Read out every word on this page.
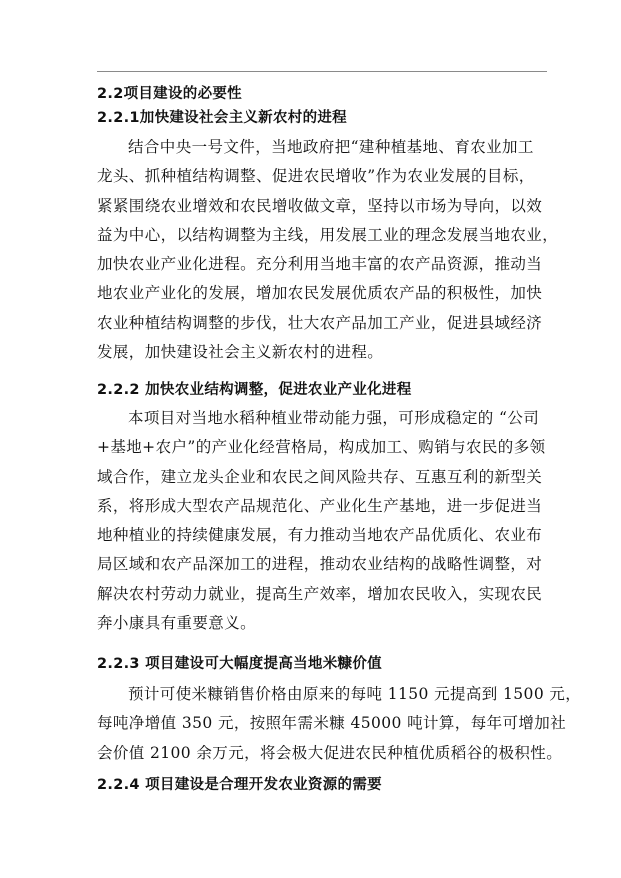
2.2项目建设的必要性
2.2.1加快建设社会主义新农村的进程
结合中央一号文件，当地政府把“建种植基地、育农业加工
龙头、抓种植结构调整、促进农民增收”作为农业发展的目标，
紧紧围绕农业增效和农民增收做文章，坚持以市场为导向，以效
益为中心，以结构调整为主线，用发展工业的理念发展当地农业，
加快农业产业化进程。充分利用当地丰富的农产品资源，推动当
地农业产业化的发展，增加农民发展优质农产品的积极性，加快
农业种植结构调整的步伐，壮大农产品加工产业，促进县域经济
发展，加快建设社会主义新农村的进程。
2.2.2 加快农业结构调整，促进农业产业化进程
本项目对当地水稻种植业带动能力强，可形成稳定的 “公司
+基地+农户”的产业化经营格局，构成加工、购销与农民的多领
域合作，建立龙头企业和农民之间风险共存、互惠互利的新型关
系，将形成大型农产品规范化、产业化生产基地，进一步促进当
地种植业的持续健康发展，有力推动当地农产品优质化、农业布
局区域和农产品深加工的进程，推动农业结构的战略性调整，对
解决农村劳动力就业，提高生产效率，增加农民收入，实现农民
奔小康具有重要意义。
2.2.3 项目建设可大幅度提高当地米糠价值
预计可使米糠销售价格由原来的每吨 1150 元提高到 1500 元，
每吨净增值 350 元，按照年需米糠 45000 吨计算，每年可增加社
会价值 2100 余万元，将会极大促进农民种植优质稻谷的极积性。
2.2.4 项目建设是合理开发农业资源的需要
